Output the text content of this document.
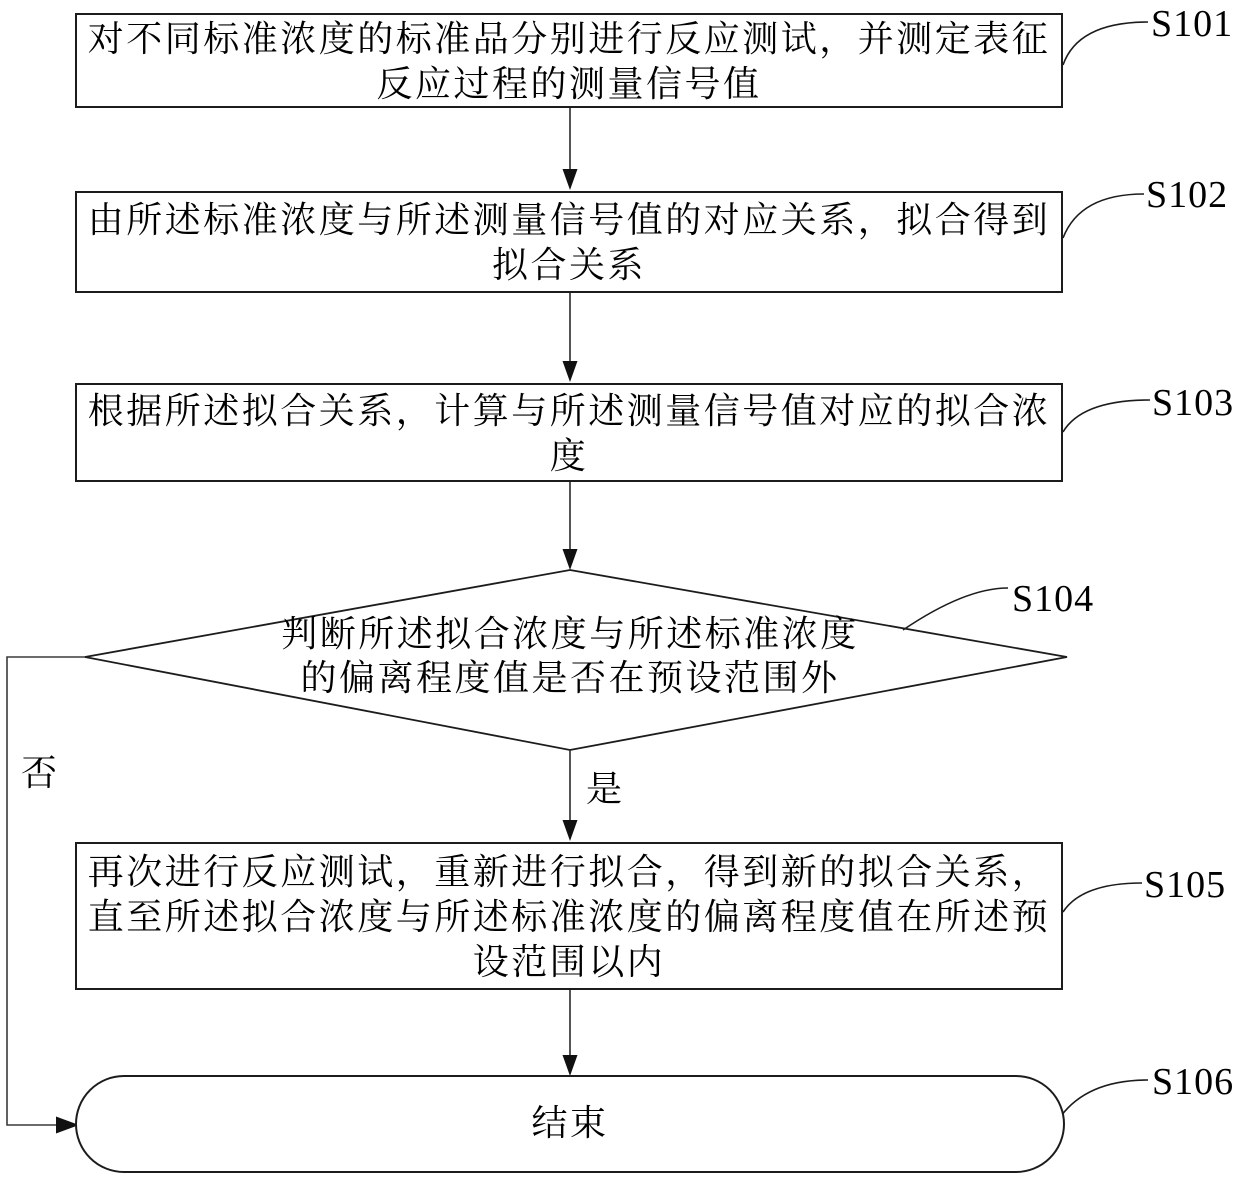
对不同标准浓度的标准品分别进行反应测试，并测定表征
反应过程的测量信号值
由所述标准浓度与所述测量信号值的对应关系，拟合得到
拟合关系
根据所述拟合关系，计算与所述测量信号值对应的拟合浓
度
判断所述拟合浓度与所述标准浓度
的偏离程度值是否在预设范围外
否	是
再次进行反应测试，重新进行拟合，得到新的拟合关系，
直至所述拟合浓度与所述标准浓度的偏离程度值在所述预
设范围以内
结束
S101
S102
S103
S104
S105
S106
